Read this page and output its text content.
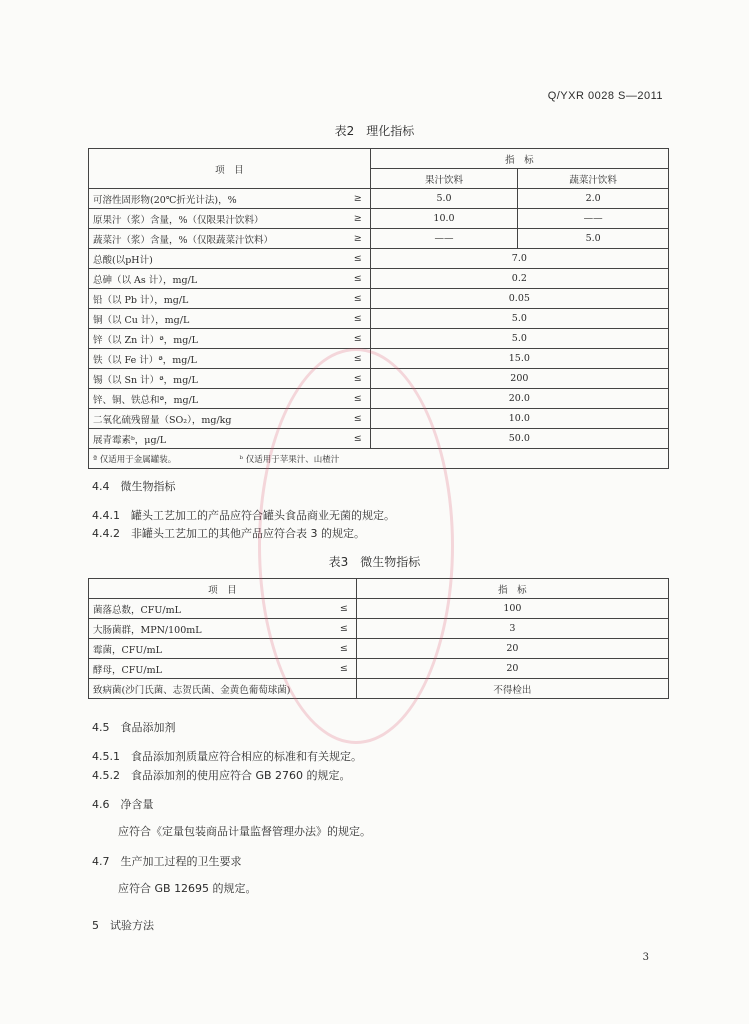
Q/YXR 0028 S—2011
表2　理化指标
项　目		指　标	
		果汁饮料	蔬菜汁饮料
可溶性固形物(20℃折光计法)，%	≥	5.0	2.0
原果汁（浆）含量，%（仅限果汁饮料）	≥	10.0	——
蔬菜汁（浆）含量，%（仅限蔬菜汁饮料）	≥	——	5.0
总酸(以pH计)	≤	7.0	
总砷（以 As 计），mg/L	≤	0.2	
铅（以 Pb 计），mg/L	≤	0.05	
铜（以 Cu 计），mg/L	≤	5.0	
锌（以 Zn 计）ª，mg/L	≤	5.0	
铁（以 Fe 计）ª，mg/L	≤	15.0	
锡（以 Sn 计）ª，mg/L	≤	200	
锌、铜、铁总和ª，mg/L	≤	20.0	
二氧化硫残留量（SO₂），mg/kg	≤	10.0	
展青霉素ᵇ，μg/L	≤	50.0	
ª 仅适用于金属罐装。 ᵇ 仅适用于苹果汁、山楂汁			
4.4　微生物指标
4.4.1　罐头工艺加工的产品应符合罐头食品商业无菌的规定。
4.4.2　非罐头工艺加工的其他产品应符合表 3 的规定。
表3　微生物指标
项　目		指　标
菌落总数，CFU/mL	≤	100
大肠菌群，MPN/100mL	≤	3
霉菌，CFU/mL	≤	20
酵母，CFU/mL	≤	20
致病菌(沙门氏菌、志贺氏菌、金黄色葡萄球菌)		不得检出
4.5　食品添加剂
4.5.1　食品添加剂质量应符合相应的标准和有关规定。
4.5.2　食品添加剂的使用应符合 GB 2760 的规定。
4.6　净含量
应符合《定量包装商品计量监督管理办法》的规定。
4.7　生产加工过程的卫生要求
应符合 GB 12695 的规定。
5　试验方法
3
